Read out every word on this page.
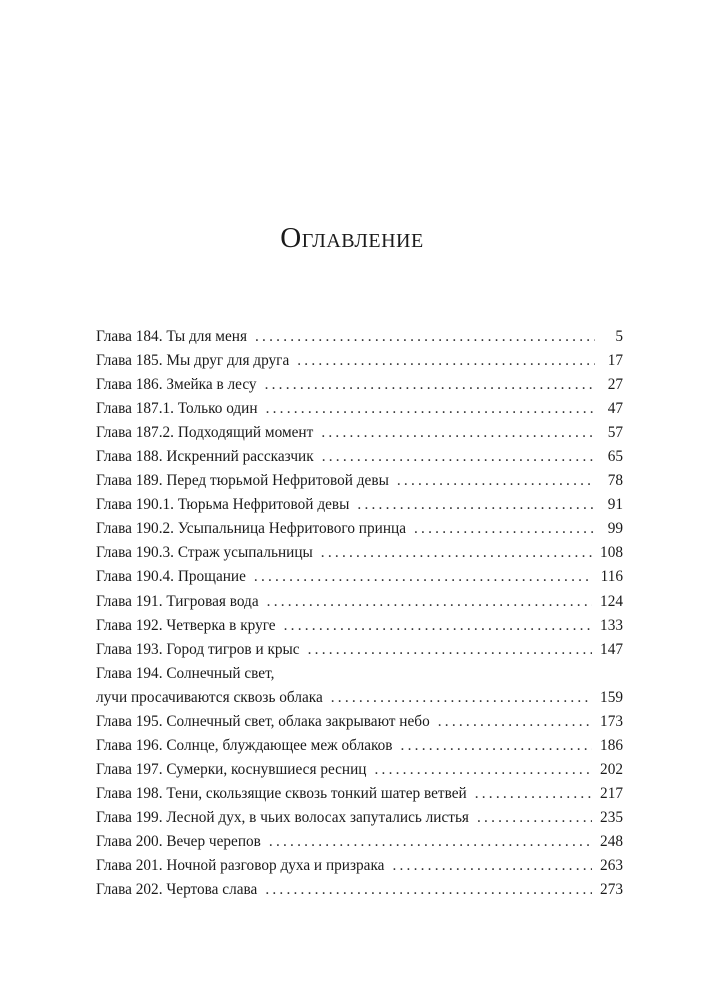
Оглавление
Глава 184. Ты для меня . . .	5
Глава 185. Мы друг для друга . . .	17
Глава 186. Змейка в лесу . . .	27
Глава 187.1. Только один . . .	47
Глава 187.2. Подходящий момент . . .	57
Глава 188. Искренний рассказчик . . .	65
Глава 189. Перед тюрьмой Нефритовой девы . . .	78
Глава 190.1. Тюрьма Нефритовой девы . . .	91
Глава 190.2. Усыпальница Нефритового принца . . .	99
Глава 190.3. Страж усыпальницы . . .	108
Глава 190.4. Прощание . . .	116
Глава 191. Тигровая вода . . .	124
Глава 192. Четверка в круге . . .	133
Глава 193. Город тигров и крыс . . .	147
Глава 194. Солнечный свет,
лучи просачиваются сквозь облака . . .	159
Глава 195. Солнечный свет, облака закрывают небо . . .	173
Глава 196. Солнце, блуждающее меж облаков . . .	186
Глава 197. Сумерки, коснувшиеся ресниц . . .	202
Глава 198. Тени, скользящие сквозь тонкий шатер ветвей . . .	217
Глава 199. Лесной дух, в чьих волосах запутались листья . . .	235
Глава 200. Вечер черепов . . .	248
Глава 201. Ночной разговор духа и призрака . . .	263
Глава 202. Чертова слава . . .	273
